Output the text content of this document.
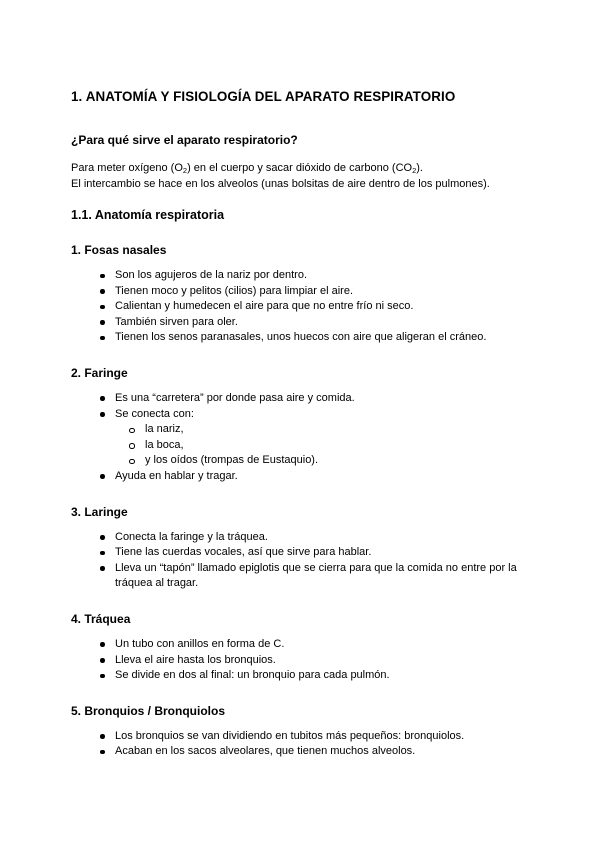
1. ANATOMÍA Y FISIOLOGÍA DEL APARATO RESPIRATORIO
¿Para qué sirve el aparato respiratorio?

Para meter oxígeno $(O_2)$ en el cuerpo y sacar dióxido de carbono $(CO_2)$.

El intercambio se hace en los alveolos (unas bolsitas de aire dentro de los pulmones).

1.1. Anatomía respiratoria
1. Fosas nasales
Son los agujeros de la nariz por dentro.
Tienen moco y pelitos (cilios) para limpiar el aire.
Calientan y humedecen el aire para que no entre frío ni seco.
También sirven para oler.
Tienen los senos paranasales, unos huecos con aire que aligeran el cráneo.
2. Faringe
Es una “carretera” por donde pasa aire y comida.
Se conecta con:
la nariz,
la boca,
y los oídos (trompas de Eustaquio).
Ayuda en hablar y tragar.
3. Laringe
Conecta la faringe y la tráquea.
Tiene las cuerdas vocales, así que sirve para hablar.
Lleva un “tapón” llamado epiglotis que se cierra para que la comida no entre por la tráquea al tragar.
4. Tráquea
Un tubo con anillos en forma de C.
Lleva el aire hasta los bronquios.
Se divide en dos al final: un bronquio para cada pulmón.
5. Bronquios / Bronquiolos
Los bronquios se van dividiendo en tubitos más pequeños: bronquiolos.
Acaban en los sacos alveolares, que tienen muchos alveolos.
